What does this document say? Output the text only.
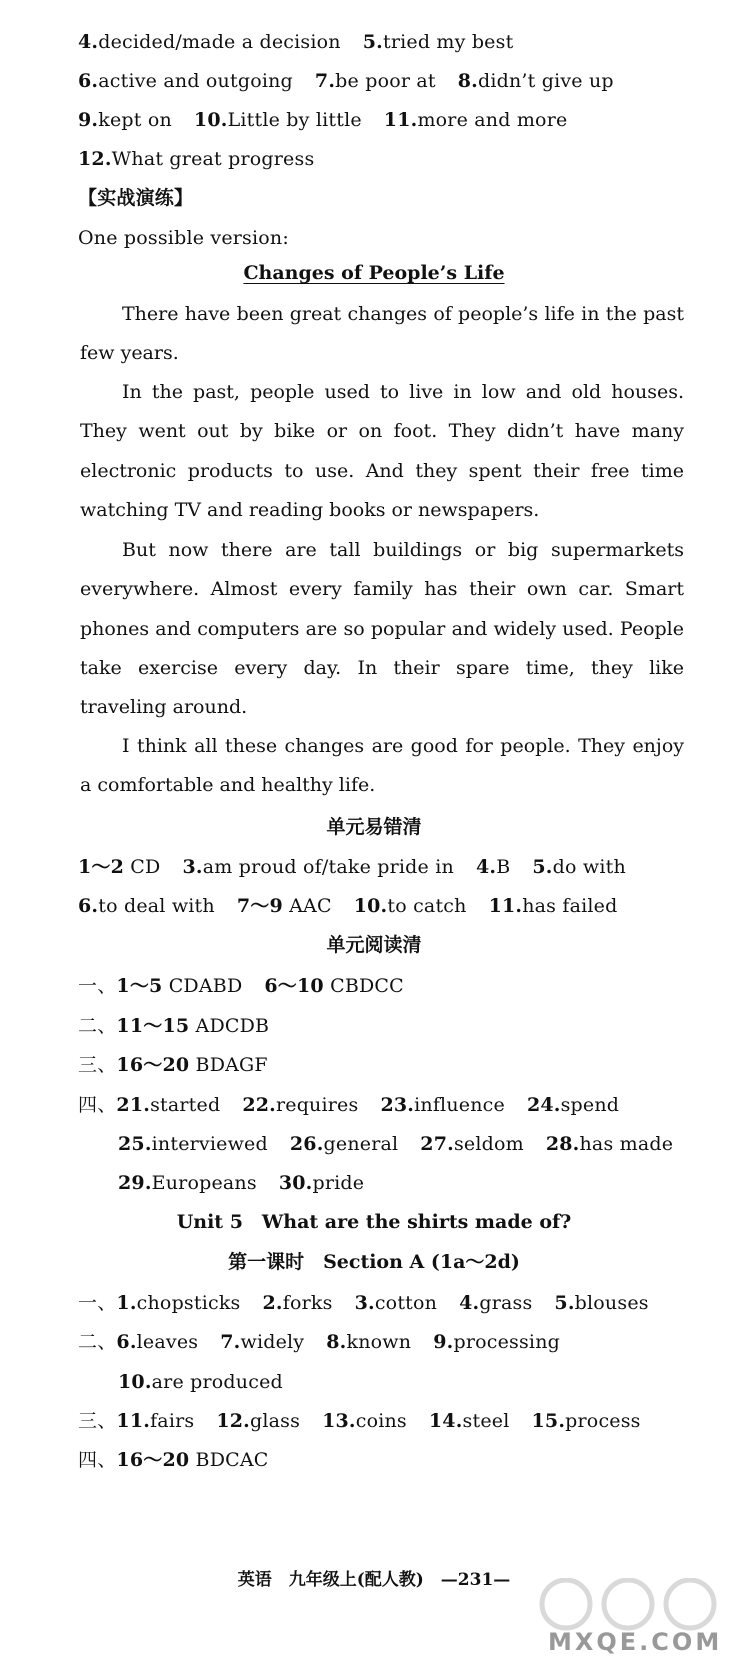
4.decided/made a decision 5.tried my best
6.active and outgoing 7.be poor at 8.didn’t give up
9.kept on 10.Little by little 11.more and more
12.What great progress
【实战演练】
One possible version:
Changes of People’s Life
There have been great changes of people’s life in the past few years.
In the past, people used to live in low and old houses. They went out by bike or on foot. They didn’t have many electronic products to use. And they spent their free time watching TV and reading books or newspapers.
But now there are tall buildings or big supermarkets everywhere. Almost every family has their own car. Smart phones and computers are so popular and widely used. People take exercise every day. In their spare time, they like traveling around.
I think all these changes are good for people. They enjoy a comfortable and healthy life.
单元易错清
1～2 CD 3.am proud of/take pride in 4.B 5.do with
6.to deal with 7～9 AAC 10.to catch 11.has failed
单元阅读清
一、1～5 CDABD 6～10 CBDCC
二、11～15 ADCDB
三、16～20 BDAGF
四、21.started 22.requires 23.influence 24.spend
25.interviewed 26.general 27.seldom 28.has made
29.Europeans 30.pride
Unit 5　What are the shirts made of?
第一课时　Section A (1a～2d)
一、1.chopsticks 2.forks 3.cotton 4.grass 5.blouses
二、6.leaves 7.widely 8.known 9.processing
10.are produced
三、11.fairs 12.glass 13.coins 14.steel 15.process
四、16～20 BDCAC
英语　九年级上(配人教)　—231—
MXQE.COM
